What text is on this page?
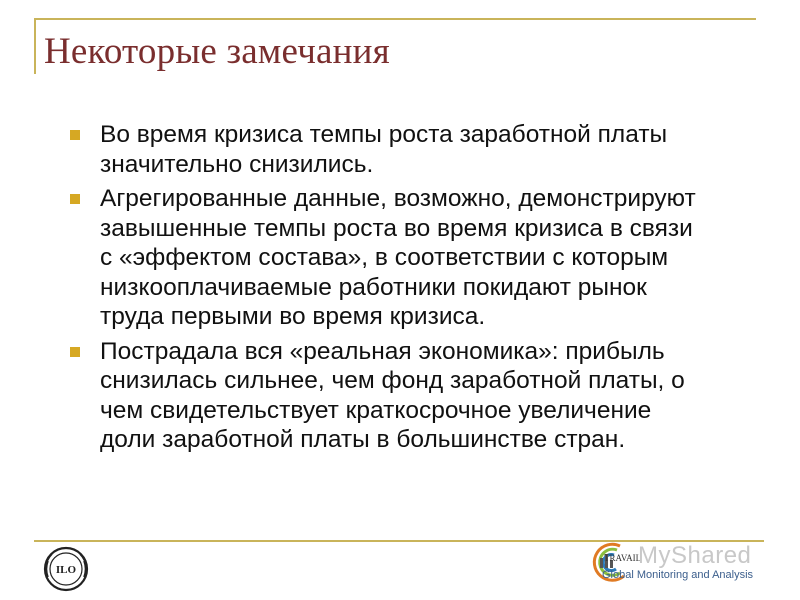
Некоторые замечания
Во время кризиса темпы роста заработной платы значительно снизились.
Агрегированные данные, возможно, демонстрируют завышенные темпы роста во время кризиса в связи с «эффектом состава», в соответствии с которым низкооплачиваемые работники покидают рынок труда первыми во время кризиса.
Пострадала вся «реальная экономика»: прибыль снизилась сильнее, чем фонд заработной платы, о чем свидетельствует краткосрочное увеличение доли заработной платы в большинстве стран.
ILO
TRAVAIL
MyShared
Global Monitoring and Analysis
